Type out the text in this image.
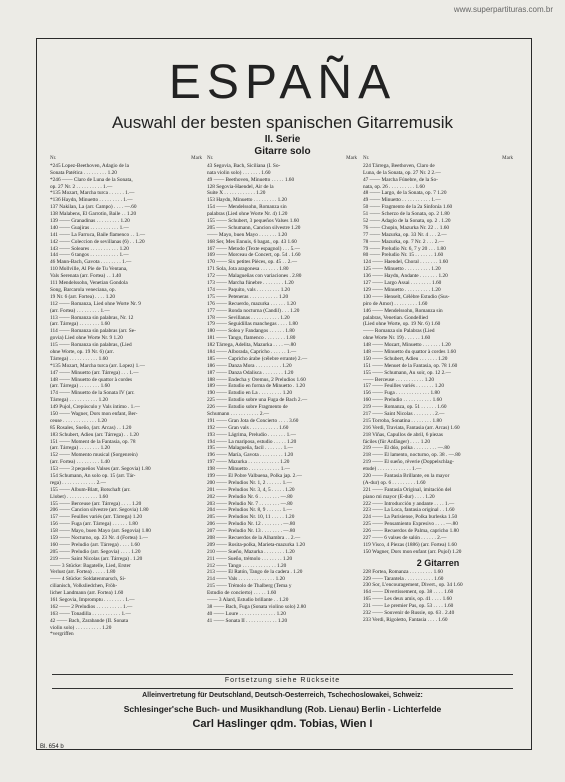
www.superpartituras.com.br
ESPAÑA
Auswahl der besten spanischen Gitarremusik
II. Serie
Gitarre solo
Nr.	Mark
*245 Lopez-Beethoven, Adagio de la
Sonata Patética . . . . . . . . . 1.20
*246 —— Claro de Luna de la Sonata,
op. 27 Nr. 2 . . . . . . . . . . 1.—
*135 Mozart, Marcha turca . . . . . . 1.—
*136 Haydn, Minuetto . . . . . . . . . 1.—
137 Nakilan, La (arr. Campo) . . . . —.60
138 Malabens, El Garrotin, Baile . . 1.20
139 —— Granadinas . . . . . . . . . 1.20
140 —— Guajiras . . . . . . . . . . . 1.—
141 —— La Farruca, Baile flamenco . . 1.—
142 —— Coleccion de sevillanas (6) . . 1.20
143 —— Soleares . . . . . . . . . . . 1.20
144 —— 6 tangos . . . . . . . . . . . 1.—
46 Mann-Bach, Gavota . . . . . . . . 1.—
110 Mollville, Al Pie de Tu Ventana,
Vals Serenata (arr. Fortea) . . 1.40
111 Mendelssohn, Venetian Gondola
Song, Barcarola veneciana, op.
19 Nr. 6 (arr. Fortea) . . . . 1.20
112 —— Romanza, Lied ohne Worte Nr. 9
(arr. Fortea) . . . . . . . . . 1.—
113 —— Romanza sin palabras, Nr. 12
(arr. Tárrega) . . . . . . . . 1.60
114 —— Romanza sin palabras (arr. Se-
govia) Lied ohne Worte Nr. 9 1.20
115 —— Romanza sin palabras, (Lied
ohne Worte, op. 19 Nr. 6) (arr.
Tárrega) . . . . . . . . . . . 1.60
*135 Mozart, Marcha turca (arr. Lopez) 1.—
147 —— Minuetto (arr. Tárrega) . . . 1.—
148 —— Minuetto de quattor à cordes
(arr. Tárrega) . . . . . . . . 1.60
174 —— Minuetto de la Sonata IV (arr.
Tárrega) . . . . . . . . . . . 1.20
149 Pujol, Crepúsculo y Vals íntimo . 1.—
150 —— Wagner, Dors mon enfant, Ber-
ceuse . . . . . . . . . . . . . 1.20
85 Rosales, Sueño, (arr. Arcas) . . 1.20
183 Schubert, Adieu (arr. Tárrega) . . 1.20
151 —— Moment de la Fantasia, op. 78
(arr. Tárrega) . . . . . . . . 1.20
152 —— Momento musical (Sorgenrein)
(arr. Fortea) . . . . . . . . . 1.40
153 —— 3 pequeños Valses (arr. Segovia) 1.80
154 Schumann, An solo op. 15 (arr. Tár-
rega) . . . . . . . . . . . . . 2.—
155 —— Album-Blatt, Botschaft (arr.
Llobet) . . . . . . . . . . . . 1.60
155 —— Berceuse (arr. Tárrega) . . . . 1.20
206 —— Cancion silvestre (arr. Segovia) 1.80
157 —— Feuilles variés (arr. Tárrega) 1.20
156 —— Fuga (arr. Tárrega) . . . . . . 1.80
158 —— Mayo, buen Mayo (arr. Segovia) 1.80
159 —— Nocturno, op. 23 Nr. 4 (Fortea) 1.—
160 —— Preludio (arr. Tárrega) . . . . 1.60
205 —— Preludio (arr. Segovia) . . . . 1.20
219 —— Saint Nicolas (arr. Tárrega) . 1.20
—— 3 Stücke: Bagatelle, Lied, Erster
Verlust (arr. Fortea) . . . . . 1.80
—— 4 Stücke: Soldatenmarsch, Si-
cilianisch, Volksliedchen, Fröh-
licher Landmann (arr. Fortea) 1.60
161 Segovia, Impromptu . . . . . . . . 1.—
162 —— 2 Preludios . . . . . . . . . . 1.—
163 —— Tonadilla . . . . . . . . . . . 1.—
42 —— Bach, Zarabande (II. Sonata
violin solo) . . . . . . . . . . 1.20
*vergriffen
Nr.	Mark
43 Segovia, Bach, Siciliana (I. So-
nata violin solo) . . . . . . . 1.60
49 —— Beethoven, Minuetto . . . . . 1.60
128 Segovia-Haendel, Air de la
Suite X . . . . . . . . . . . . 1.20
153 Haydn, Minuetto . . . . . . . . . 1.20
154 —— Mendelssohn, Romanza sin
palabras (Lied ohne Worte Nr. 4) 1.20
155 —— Schubert, 3 pequeños Valses 1.60
205 —— Schumann, Cancion silvestre 1.20
—— Mayo, buen Mayo . . . . . . . 1.20
168 Ser, Mes Ennuis, 6 bagat., op. 43 1.60
167 —— Metodo (Texte espagnol) . . . 5.—
169 —— Morceau de Concert, op. 54 . 1.60
170 —— Six petites Pièces, op. 45 . . 2.—
171 Sola, Jota aragonesa . . . . . . . 1.80
172 —— Malagueñas con variaciones . 2.80
173 —— Marcha fúnebre . . . . . . . . 1.20
174 —— Paquito, vals . . . . . . . . . 1.20
175 —— Peteneras . . . . . . . . . . . 1.20
176 —— Recuerdo, mazurka . . . . . . 1.20
177 —— Ronda nocturna (Candil) . . . 1.20
178 —— Sevillanas . . . . . . . . . . . 1.20
179 —— Seguidillas manchegas . . . . 1.80
180 —— Solea y Fandangos . . . . . . 1.80
181 —— Tango, flamenco . . . . . . . . 1.80
182 Tárrega, Adelita, Mazurka . . . . —.80
184 —— Alborada, Capricho . . . . . . 1.—
185 —— Capricho árabe (célebre errante) 2.—
186 —— Danza Mora . . . . . . . . . . 1.20
187 —— Danza Odalisca . . . . . . . . 1.20
188 —— Endecha y Oremus, 2 Preludios 1.60
189 —— Estudio en forma de Minuetto . 1.20
190 —— Estudio en La . . . . . . . . . 1.20
225 —— Estudio sobre una Fuga de Bach 2.—
226 —— Estudio sobre Fragmento de
Schumann . . . . . . . . . . . 2.—
191 —— Gran Jota de Concierto . . . . 3.60
192 —— Gran vals . . . . . . . . . . . 1.60
193 —— Lágrima, Preludio . . . . . . . 1.—
194 —— La mariposa, estudio . . . . . 1.20
195 —— Malagueña, facil . . . . . . . 1.—
196 —— María, Gavota . . . . . . . . . 1.20
197 —— Mazurka . . . . . . . . . . . . 1.20
198 —— Minuetto . . . . . . . . . . . . 1.—
199 —— El Pobre Valbuena, Polka jap. 2.—
200 —— Preludios Nr. 1, 2 . . . . . . 1.—
201 —— Preludios Nr. 3, 4, 5 . . . . . 1.20
202 —— Preludio Nr. 6 . . . . . . . . —.80
203 —— Preludio Nr. 7 . . . . . . . . —.80
204 —— Preludios Nr. 8, 9 . . . . . . 1.—
205 —— Preludios Nr. 10, 11 . . . . . 1.20
206 —— Preludio Nr. 12 . . . . . . . . —.80
207 —— Preludio Nr. 13 . . . . . . . . —.80
208 —— Recuerdos de la Alhambra . . 2.—
209 —— Rosita-polka, Marieta-mazurka 1.20
210 —— Sueño, Mazurka . . . . . . . . 1.20
211 —— Sueño, trémolo . . . . . . . . 1.20
212 —— Tango . . . . . . . . . . . . . 1.20
213 —— El Ratón, Tango de la cadera . 1.20
214 —— Vals . . . . . . . . . . . . . . 1.20
215 —— Trémolo de Thalberg (Tema y
Estudio de concierto) . . . . . 1.60
—— 3 Alard, Estudio brillante . . 1.20
38 —— Bach, Fuga (Sonata violino solo) 2.80
40 —— Loure . . . . . . . . . . . . . . 1.20
41 —— Sonata II . . . . . . . . . . . . 1.20
Nr.	Mark
224 Tárrega, Beethoven, Claro de
Luna, de la Sonata, op. 27 Nr. 2 2.—
47 —— Marcha Fúnebre, de la So-
nata, op. 26 . . . . . . . . . . 1.60
48 —— Largo, de la Sonata, op. 7 1.20
49 —— Minuetto . . . . . . . . . . . 1.—
50 —— Fragmento de la 2a Sinfonía 1.60
51 —— Scherzo de la Sonata, op. 2 1.80
52 —— Adagio de la Sonata, op. 2 . 1.20
76 —— Chopin, Mazurka Nr. 22 . . 1.60
77 —— Mazurka, op. 33 Nr. 4 . . . 2.—
78 —— Mazurka, op. 7 Nr. 2 . . . 2.—
79 —— Preludio Nr. 6, 7 y 20 . . . 1.80
80 —— Preludio Nr. 15 . . . . . . . 1.60
124 —— Haendel, Choral . . . . . . . 1.60
125 —— Minuetto . . . . . . . . . . 1.20
136 —— Haydn, Andante . . . . . . . 1.20
127 —— Largo Assai . . . . . . . . 1.60
129 —— Minuetto . . . . . . . . . . 1.20
130 —— Henselt, Célèbre Estudio (Sus-
piro de Amor) . . . . . . . . . 1.60
146 —— Mendelssohn, Romanza sin
palabras, Venetian. Gondellied
(Lied ohne Worte, op. 19 Nr. 6) 1.60
—— Romanza sin Palabras (Lied
ohne Worte Nr. 19) . . . . . . 1.60
148 —— Mozart, Minuetto . . . . . . . 1.20
148 —— Minuetto du quattor à cordes 1.60
150 —— Schubert, Adieu . . . . . . . 1.20
151 —— Menuet de la Fantasia, op. 78 1.60
155 —— Schumann, Au soir, op. 12 2.—
—— Berceuse . . . . . . . . . . . 1.20
157 —— Feuilles variés . . . . . . . 1.20
156 —— Fuga . . . . . . . . . . . . . 1.80
160 —— Preludio . . . . . . . . . . . 1.60
219 —— Romanza, op. 51 . . . . . . 1.60
217 —— Saint Nicolas . . . . . . . . 2.—
215 Torroba, Sonatina . . . . . . . . 1.80
216 Verdi, Traviata, Fantasia (arr. Arcas) 1.60
218 Viñas, Capullos de abril, 6 piezas
fáciles (für Anfänger) . . . . 1.20
219 —— El dúo, polka . . . . . . . . . —.80
218 —— El lamento, nocturno, op. 38 . —.80
219 —— El sueño, rêverie (Doppelschlag-
etude) . . . . . . . . . . . . . 1.—
220 —— Fantasia Brillante, en la mayor
(A-dur) op. 6 . . . . . . . . . 1.60
221 —— Fantasia Original, imitación del
piano mi mayor (E-dur) . . . . 1.20
222 —— Introducción y andante . . . . 1.—
223 —— La Loca, fantasia original . . 1.60
224 —— La Parisiense, Polka burleska 1.50
225 —— Pensamiento Expresivo . . . . —.80
226 —— Recuerdos de Palma, capricho 1.80
227 —— 6 valses de salón . . . . . . 2.—
119 Visco, 4 Piezas (1886) (arr. Fortea) 1.60
150 Wagner, Dors mon enfant (arr. Pujol) 1.20
2 Gitarren
228 Fortea, Romanza . . . . . . . . . 1.60
229 —— Tarantela . . . . . . . . . . . 1.60
230 Sor, L'encouragement, Divert., op. 34 1.60
164 —— Divertissement, op. 38 . . . . 1.60
165 —— Les deux amis, op. 41 . . . . 1.60
231 —— Le premier Pas, op. 53 . . . . 1.60
232 —— Souvenir de Russie, op. 63 . 2.40
233 Verdi, Rigoletto, Fantasia . . . . 1.60
Fortsetzung siehe Rückseite
Alleinvertretung für Deutschland, Deutsch-Oesterreich, Tschechoslowakei, Schweiz:
Schlesinger'sche Buch- und Musikhandlung (Rob. Lienau) Berlin - Lichterfelde
Carl Haslinger qdm. Tobias, Wien I
Bl. 654 b
